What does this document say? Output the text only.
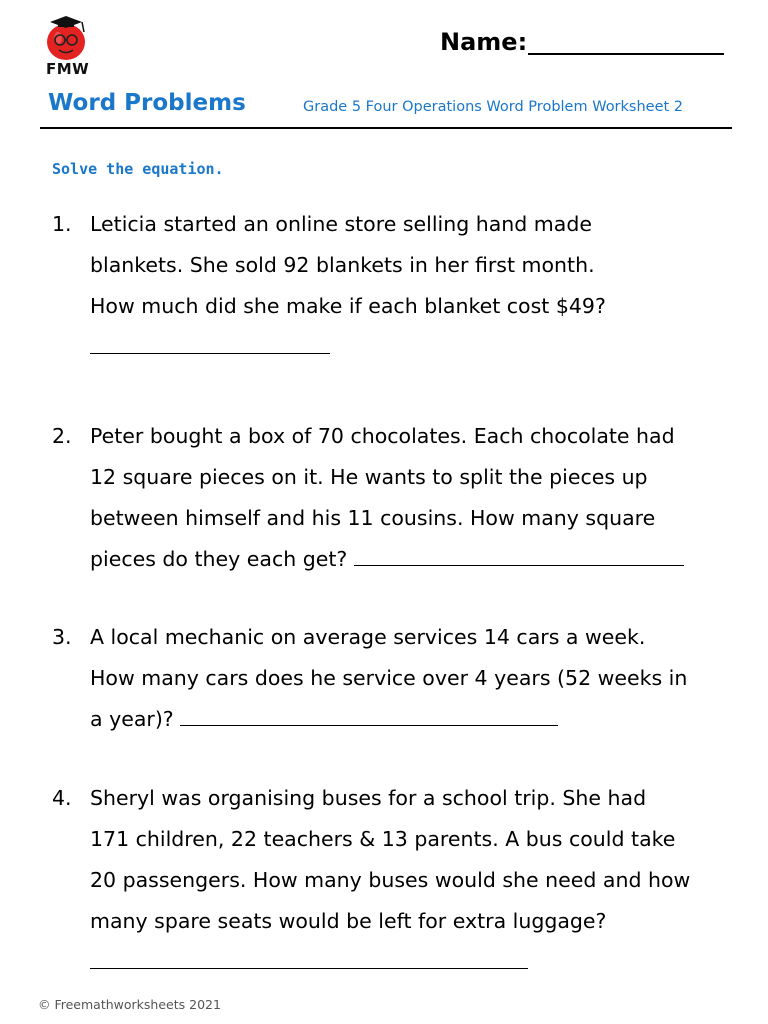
FMW
Name:
Word Problems	Grade 5 Four Operations Word Problem Worksheet 2
Solve the equation.
1. Leticia started an online store selling hand made
blankets. She sold 92 blankets in her first month.
How much did she make if each blanket cost $49?

2. Peter bought a box of 70 chocolates. Each chocolate had
12 square pieces on it. He wants to split the pieces up
between himself and his 11 cousins. How many square
pieces do they each get?
3. A local mechanic on average services 14 cars a week.
How many cars does he service over 4 years (52 weeks in
a year)?
4. Sheryl was organising buses for a school trip. She had
171 children, 22 teachers & 13 parents. A bus could take
20 passengers. How many buses would she need and how
many spare seats would be left for extra luggage?

© Freemathworksheets 2021
